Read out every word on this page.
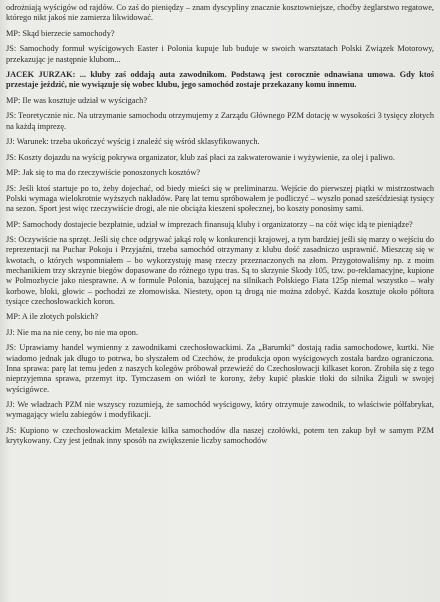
odrożniają wyścigów od rajdów. Co zaś do pieniędzy – znam dyscypliny znacznie kosztowniejsze, choćby żeglarstwo regatowe, którego nikt jakoś nie zamierza likwidować.

MP: Skąd bierzecie samochody?

JS: Samochody formuł wyścigowych Easter i Polonia kupuje lub buduje w swoich warsztatach Polski Związek Motorowy, przekazując je następnie klubom...

JACEK JURZAK: ... kluby zaś oddają auta zawodnikom. Podstawą jest corocznie odnawiana umowa. Gdy ktoś przestaje jeździć, nie wywiązuje się wobec klubu, jego samochód zostaje przekazany komu innemu.

MP: Ile was kosztuje udział w wyścigach?

JS: Teoretycznie nic. Na utrzymanie samochodu otrzymujemy z Zarządu Głównego PZM dotację w wysokości 3 tysięcy złotych na każdą imprezę.

JJ: Warunek: trzeba ukończyć wyścig i znaleźć się wśród sklasyfikowanych.

JS: Koszty dojazdu na wyścig pokrywa organizator, klub zaś płaci za zakwaterowanie i wyżywienie, za olej i paliwo.

MP: Jak się to ma do rzeczywiście ponoszonych kosztów?

JS: Jeśli ktoś startuje po to, żeby dojechać, od biedy mieści się w preliminarzu. Wejście do pierwszej piątki w mistrzostwach Polski wymaga wielokrotnie wyższych nakładów. Parę lat temu spróbowałem je podliczyć – wyszło ponad sześćdziesiąt tysięcy na sezon. Sport jest więc rzeczywiście drogi, ale nie obciąża kieszeni społecznej, bo koszty ponosimy sami.

MP: Samochody dostajecie bezpłatnie, udział w imprezach finansują kluby i organizatorzy – na cóż więc idą te pieniądze?

JS: Oczywiście na sprzęt. Jeśli się chce odgrywać jakąś rolę w konkurencji krajowej, a tym bardziej jeśli się marzy o wejściu do reprezentacji na Puchar Pokoju i Przyjaźni, trzeba samochód otrzymany z klubu dość zasadniczo usprawnić. Mieszczę się w kwotach, o których wspomniałem – bo wykorzystuję masę rzeczy przeznaczonych na złom. Przygotowaliśmy np. z moim mechanikiem trzy skrzynie biegów dopasowane do różnego typu tras. Są to skrzynie Skody 105, tzw. po-reklamacyjne, kupione w Polmozbycie jako niesprawne. A w formule Polonia, bazującej na silnikach Polskiego Fiata 125p niemal wszystko – wały korbowe, bloki, głowic – pochodzi ze złomowiska. Niestety, opon tą drogą nie można zdobyć. Każda kosztuje około półtora tysiące czechosłowackich koron.

MP: A ile złotych polskich?

JJ: Nie ma na nie ceny, bo nie ma opon.

JS: Uprawiamy handel wymienny z zawodnikami czechosłowackimi. Za „Barumki” dostają radia samochodowe, kurtki. Nie wiadomo jednak jak długo to potrwa, bo słyszałem od Czechów, że produkcja opon wyścigowych została bardzo ograniczona. Inna sprawa: parę lat temu jeden z naszych kolegów próbował przewieźć do Czechosłowacji kilkaset koron. Zrobiła się z tego nieprzyjemna sprawa, przemyt itp. Tymczasem on wiózł te korony, żeby kupić płaskie tłoki do silnika Żiguli w swojej wyścigówce.

JJ: We władzach PZM nie wszyscy rozumieją, że samochód wyścigowy, który otrzymuje zawodnik, to właściwie półfabrykat, wymagający wielu zabiegów i modyfikacji.

JS: Kupiono w czechosłowackim Metalexie kilka samochodów dla naszej czołówki, potem ten zakup był w samym PZM krytykowany. Czy jest jednak inny sposób na zwiększenie liczby samochodów
